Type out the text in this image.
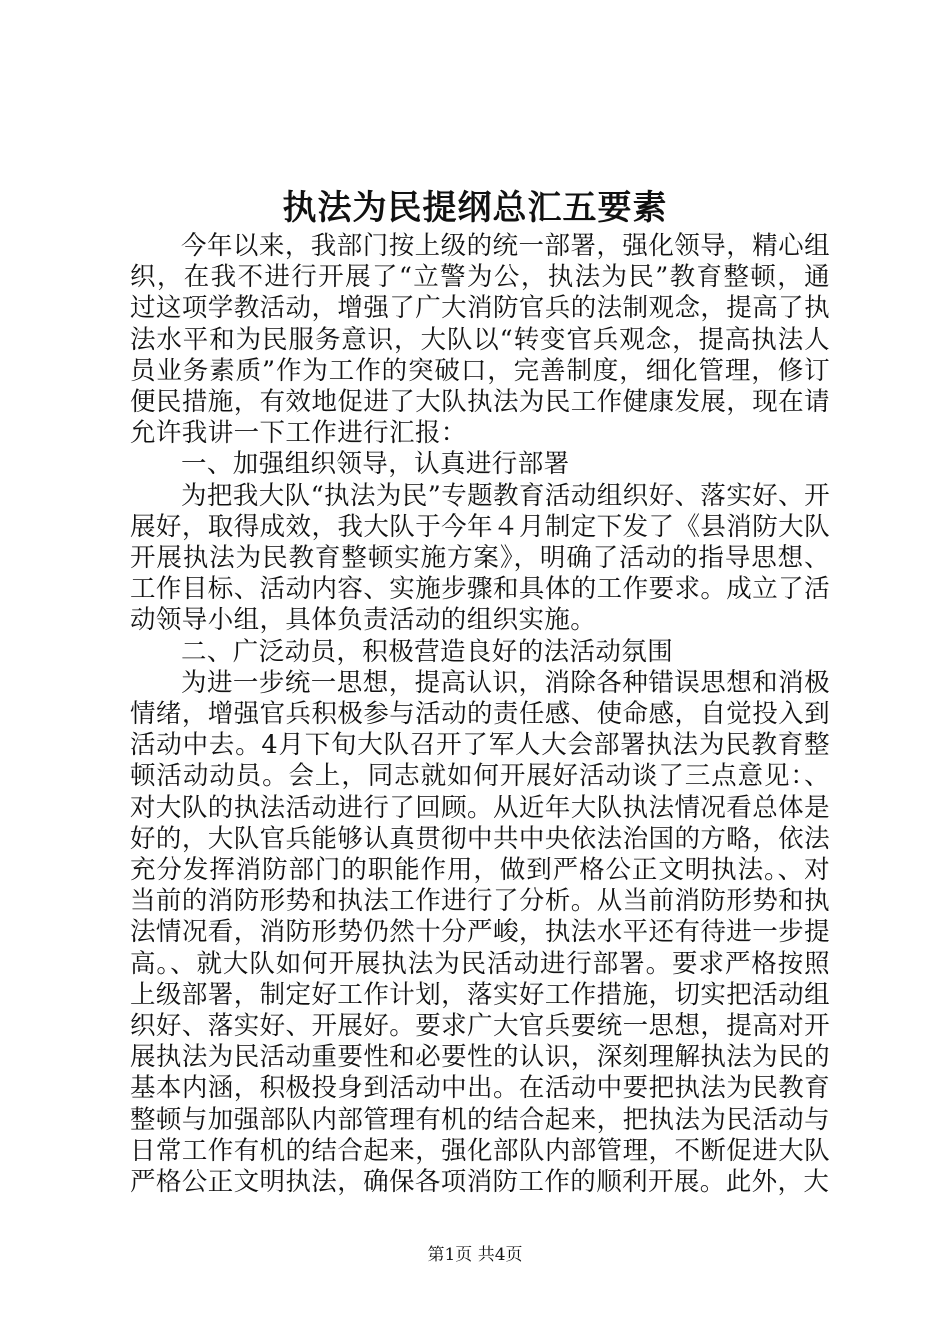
执法为民提纲总汇五要素

今年以来，我部门按上级的统一部署，强化领导，精心组织，在我不进行开展了“立警为公，执法为民”教育整顿，通过这项学教活动，增强了广大消防官兵的法制观念，提高了执法水平和为民服务意识，大队以“转变官兵观念，提高执法人员业务素质”作为工作的突破口，完善制度，细化管理，修订便民措施，有效地促进了大队执法为民工作健康发展，现在请允许我讲一下工作进行汇报：

一、加强组织领导，认真进行部署

为把我大队“执法为民”专题教育活动组织好、落实好、开展好，取得成效，我大队于今年４月制定下发了《县消防大队开展执法为民教育整顿实施方案》，明确了活动的指导思想、工作目标、活动内容、实施步骤和具体的工作要求。成立了活动领导小组，具体负责活动的组织实施。

二、广泛动员，积极营造良好的法活动氛围

为进一步统一思想，提高认识，消除各种错误思想和消极情绪，增强官兵积极参与活动的责任感、使命感，自觉投入到活动中去。4月下旬大队召开了军人大会部署执法为民教育整顿活动动员。会上，同志就如何开展好活动谈了三点意见：、对大队的执法活动进行了回顾。从近年大队执法情况看总体是好的，大队官兵能够认真贯彻中共中央依法治国的方略，依法充分发挥消防部门的职能作用，做到严格公正文明执法。、对当前的消防形势和执法工作进行了分析。从当前消防形势和执法情况看，消防形势仍然十分严峻，执法水平还有待进一步提高。、就大队如何开展执法为民活动进行部署。要求严格按照上级部署，制定好工作计划，落实好工作措施，切实把活动组织好、落实好、开展好。要求广大官兵要统一思想，提高对开展执法为民活动重要性和必要性的认识，深刻理解执法为民的基本内涵，积极投身到活动中出。在活动中要把执法为民教育整顿与加强部队内部管理有机的结合起来，把执法为民活动与日常工作有机的结合起来，强化部队内部管理，不断促进大队严格公正文明执法，确保各项消防工作的顺利开展。此外，大

第1页 共4页
